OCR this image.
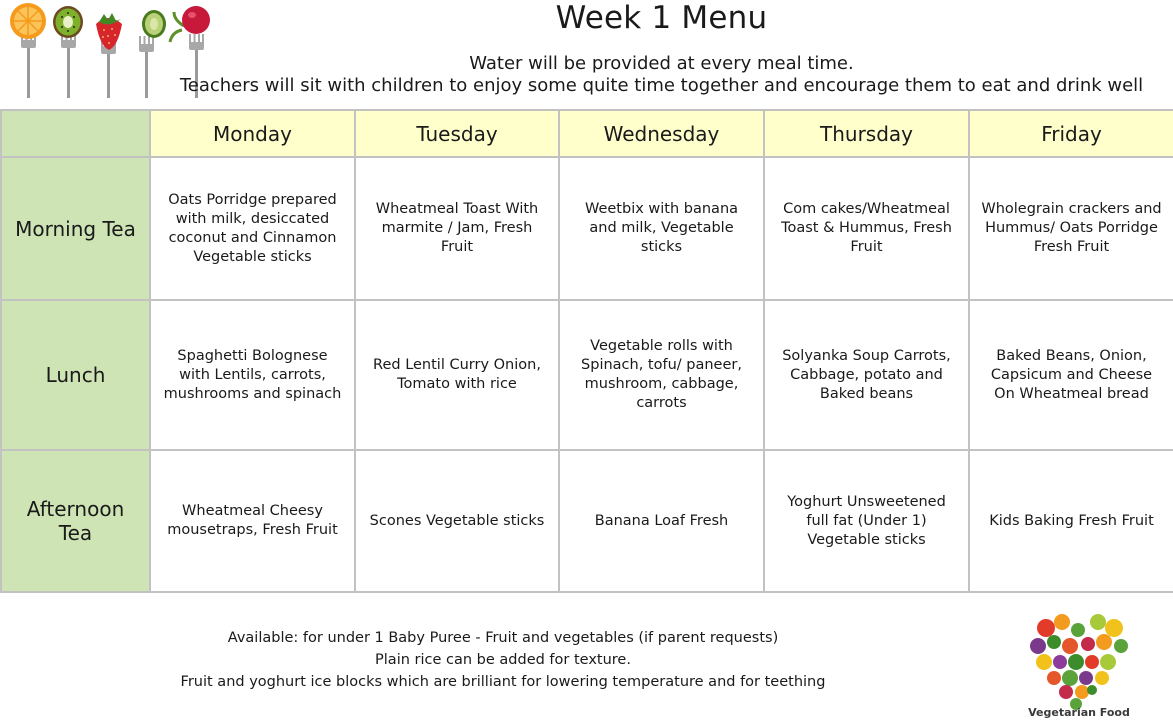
Week 1 Menu
Water will be provided at every meal time.
Teachers will sit with children to enjoy some quite time together and encourage them to eat and drink well
	Monday	Tuesday	Wednesday	Thursday	Friday
Morning Tea	Oats Porridge prepared with milk, desiccated coconut and Cinnamon Vegetable sticks	Wheatmeal Toast With marmite / Jam, Fresh Fruit	Weetbix with banana and milk, Vegetable sticks	Com cakes/Wheatmeal Toast & Hummus, Fresh Fruit	Wholegrain crackers and Hummus/ Oats Porridge Fresh Fruit
Lunch	Spaghetti Bolognese with Lentils, carrots, mushrooms and spinach	Red Lentil Curry Onion, Tomato with rice	Vegetable rolls with Spinach, tofu/ paneer, mushroom, cabbage, carrots	Solyanka Soup Carrots, Cabbage, potato and Baked beans	Baked Beans, Onion, Capsicum and Cheese On Wheatmeal bread
Afternoon Tea	Wheatmeal Cheesy mousetraps, Fresh Fruit	Scones Vegetable sticks	Banana Loaf Fresh	Yoghurt Unsweetened full fat (Under 1) Vegetable sticks	Kids Baking Fresh Fruit
Available: for under 1 Baby Puree - Fruit and vegetables (if parent requests)
Plain rice can be added for texture.
Fruit and yoghurt ice blocks which are brilliant for lowering temperature and for teething
Vegetarian Food
